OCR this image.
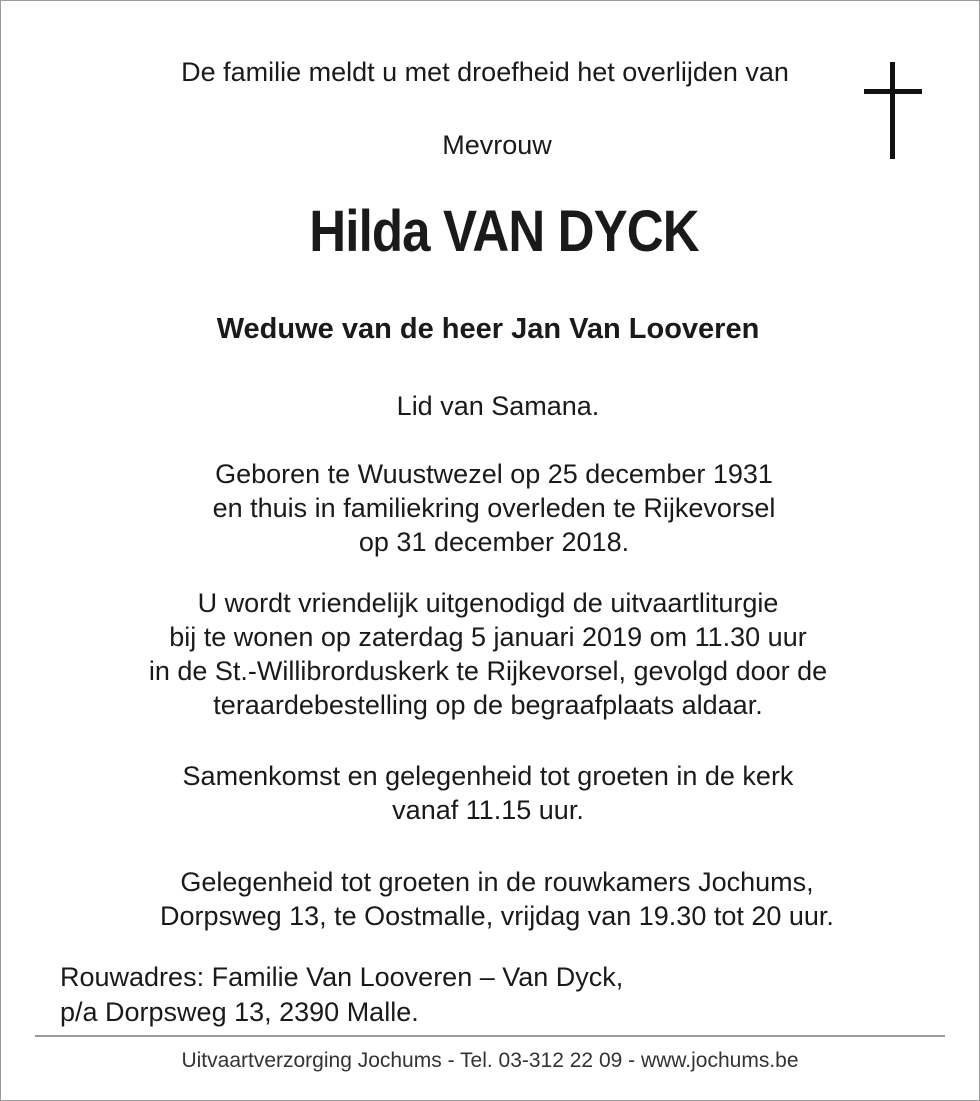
De familie meldt u met droefheid het overlijden van
Mevrouw
Hilda VAN DYCK
Weduwe van de heer Jan Van Looveren
Lid van Samana.
Geboren te Wuustwezel op 25 december 1931
en thuis in familiekring overleden te Rijkevorsel
op 31 december 2018.
U wordt vriendelijk uitgenodigd de uitvaartliturgie
bij te wonen op zaterdag 5 januari 2019 om 11.30 uur
in de St.-Willibrorduskerk te Rijkevorsel, gevolgd door de
teraardebestelling op de begraafplaats aldaar.
Samenkomst en gelegenheid tot groeten in de kerk
vanaf 11.15 uur.
Gelegenheid tot groeten in de rouwkamers Jochums,
Dorpsweg 13, te Oostmalle, vrijdag van 19.30 tot 20 uur.
Rouwadres: Familie Van Looveren – Van Dyck,
p/a Dorpsweg 13, 2390 Malle.
Uitvaartverzorging Jochums - Tel. 03-312 22 09 - www.jochums.be
